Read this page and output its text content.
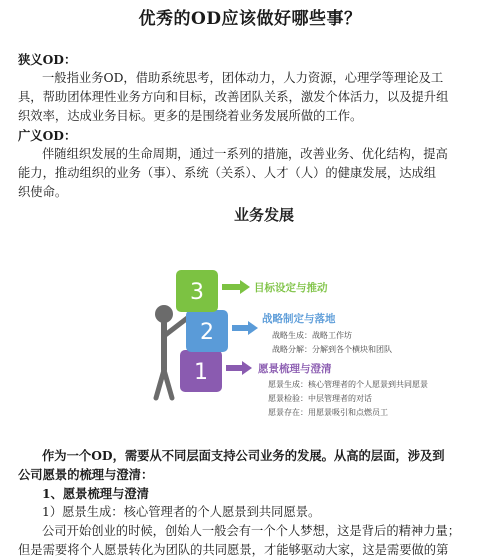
优秀的OD应该做好哪些事？
狭义OD：
一般指业务OD，借助系统思考，团体动力，人力资源，心理学等理论及工
具，帮助团体理性业务方向和目标，改善团队关系，激发个体活力，以及提升组
织效率，达成业务目标。更多的是围绕着业务发展所做的工作。
广义OD：
伴随组织发展的生命周期，通过一系列的措施，改善业务、优化结构，提高
能力，推动组织的业务（事）、系统（关系）、人才（人）的健康发展，达成组
织使命。
业务发展
1
2
3	目标设定与推动
战略制定与落地
战略生成：战略工作坊
战略分解：分解到各个横块和团队
愿景梳理与澄清
愿景生成：核心管理者的个人愿景到共同愿景
愿景检验：中层管理者的对话
愿景存在：用愿景吸引和点燃员工
作为一个OD，需要从不同层面支持公司业务的发展。从高的层面，涉及到
公司愿景的梳理与澄清：
1、愿景梳理与澄清
1）愿景生成：核心管理者的个人愿景到共同愿景。
公司开始创业的时候，创始人一般会有一个个人梦想，这是背后的精神力量；
但是需要将个人愿景转化为团队的共同愿景，才能够驱动大家，这是需要做的第
